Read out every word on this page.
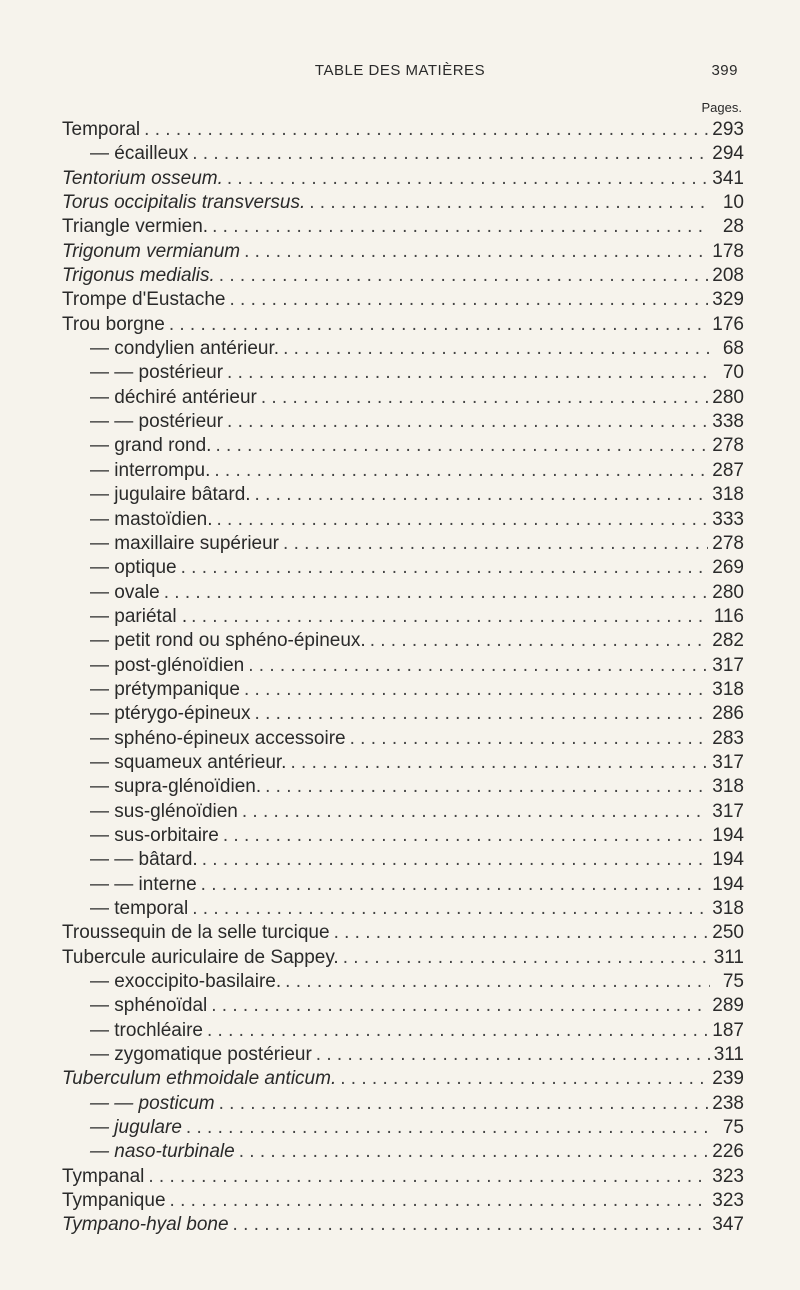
TABLE DES MATIÈRES	399
Pages.
Temporal . . .	293
— écailleux . . .	294
Tentorium osseum. . . .	341
Torus occipitalis transversus. . . .	10
Triangle vermien. . . .	28
Trigonum vermianum . . .	178
Trigonus medialis. . . .	208
Trompe d'Eustache . . .	329
Trou borgne . . .	176
— condylien antérieur. . . .	68
— — postérieur . . .	70
— déchiré antérieur . . .	280
— — postérieur . . .	338
— grand rond. . . .	278
— interrompu. . . .	287
— jugulaire bâtard. . . .	318
— mastoïdien. . . .	333
— maxillaire supérieur . . .	278
— optique . . .	269
— ovale . . .	280
— pariétal . . . .	116
— petit rond ou sphéno-épineux. . . .	282
— post-glénoïdien . . .	317
— prétympanique . . .	318
— ptérygo-épineux . . .	286
— sphéno-épineux accessoire . . .	283
— squameux antérieur. . . .	317
— supra-glénoïdien. . . .	318
— sus-glénoïdien . . .	317
— sus-orbitaire . . .	194
— — bâtard. . . .	194
— — interne . . .	194
— temporal . . .	318
Troussequin de la selle turcique . . .	250
Tubercule auriculaire de Sappey. . . .	311
— exoccipito-basilaire. . . .	75
— sphénoïdal . . .	289
— trochléaire . . .	187
— zygomatique postérieur . . .	311
Tuberculum ethmoidale anticum. . . .	239
— — posticum . . .	238
— jugulare . . .	75
— naso-turbinale . . .	226
Tympanal . . .	323
Tympanique . . .	323
Tympano-hyal bone . . .	347
